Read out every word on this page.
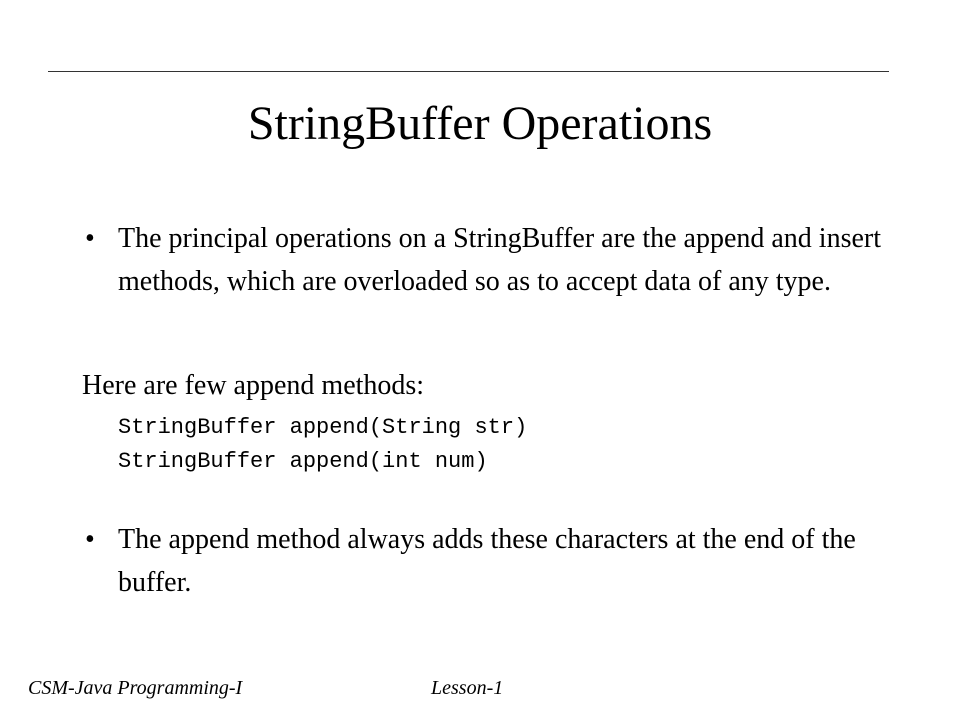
StringBuffer Operations
• The principal operations on a StringBuffer are the append and insert methods, which are overloaded so as to accept data of any type.
Here are few append methods:
StringBuffer append(String str)
StringBuffer append(int num)
• The append method always adds these characters at the end of the buffer.
CSM-Java Programming-I	Lesson-1
